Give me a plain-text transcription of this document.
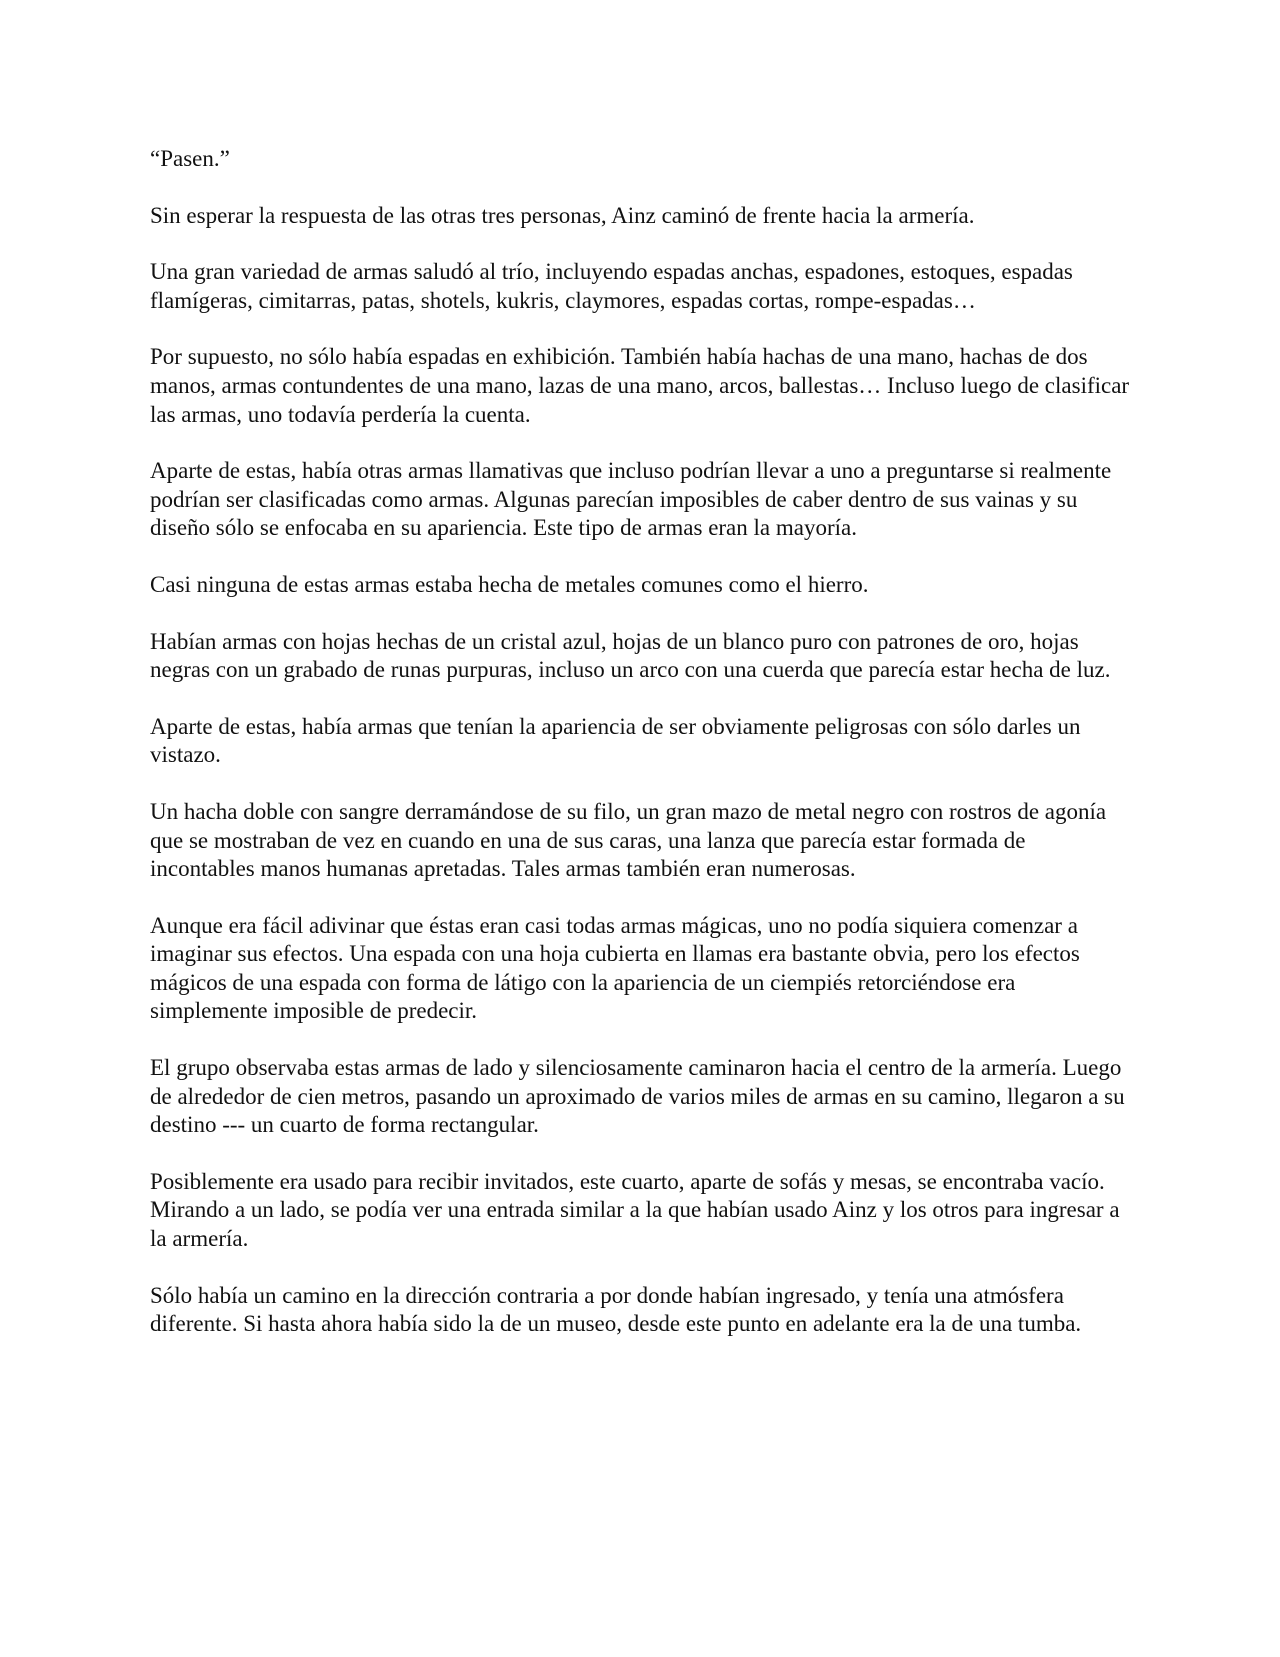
“Pasen.”

Sin esperar la respuesta de las otras tres personas, Ainz caminó de frente hacia la armería.

Una gran variedad de armas saludó al trío, incluyendo espadas anchas, espadones, estoques, espadas flamígeras, cimitarras, patas, shotels, kukris, claymores, espadas cortas, rompe-espadas…

Por supuesto, no sólo había espadas en exhibición. También había hachas de una mano, hachas de dos manos, armas contundentes de una mano, lazas de una mano, arcos, ballestas… Incluso luego de clasificar las armas, uno todavía perdería la cuenta.

Aparte de estas, había otras armas llamativas que incluso podrían llevar a uno a preguntarse si realmente podrían ser clasificadas como armas. Algunas parecían imposibles de caber dentro de sus vainas y su diseño sólo se enfocaba en su apariencia. Este tipo de armas eran la mayoría.

Casi ninguna de estas armas estaba hecha de metales comunes como el hierro.

Habían armas con hojas hechas de un cristal azul, hojas de un blanco puro con patrones de oro, hojas negras con un grabado de runas purpuras, incluso un arco con una cuerda que parecía estar hecha de luz.

Aparte de estas, había armas que tenían la apariencia de ser obviamente peligrosas con sólo darles un vistazo.

Un hacha doble con sangre derramándose de su filo, un gran mazo de metal negro con rostros de agonía que se mostraban de vez en cuando en una de sus caras, una lanza que parecía estar formada de incontables manos humanas apretadas. Tales armas también eran numerosas.

Aunque era fácil adivinar que éstas eran casi todas armas mágicas, uno no podía siquiera comenzar a imaginar sus efectos. Una espada con una hoja cubierta en llamas era bastante obvia, pero los efectos mágicos de una espada con forma de látigo con la apariencia de un ciempiés retorciéndose era simplemente imposible de predecir.

El grupo observaba estas armas de lado y silenciosamente caminaron hacia el centro de la armería. Luego de alrededor de cien metros, pasando un aproximado de varios miles de armas en su camino, llegaron a su destino --- un cuarto de forma rectangular.

Posiblemente era usado para recibir invitados, este cuarto, aparte de sofás y mesas, se encontraba vacío. Mirando a un lado, se podía ver una entrada similar a la que habían usado Ainz y los otros para ingresar a la armería.

Sólo había un camino en la dirección contraria a por donde habían ingresado, y tenía una atmósfera diferente. Si hasta ahora había sido la de un museo, desde este punto en adelante era la de una tumba.
